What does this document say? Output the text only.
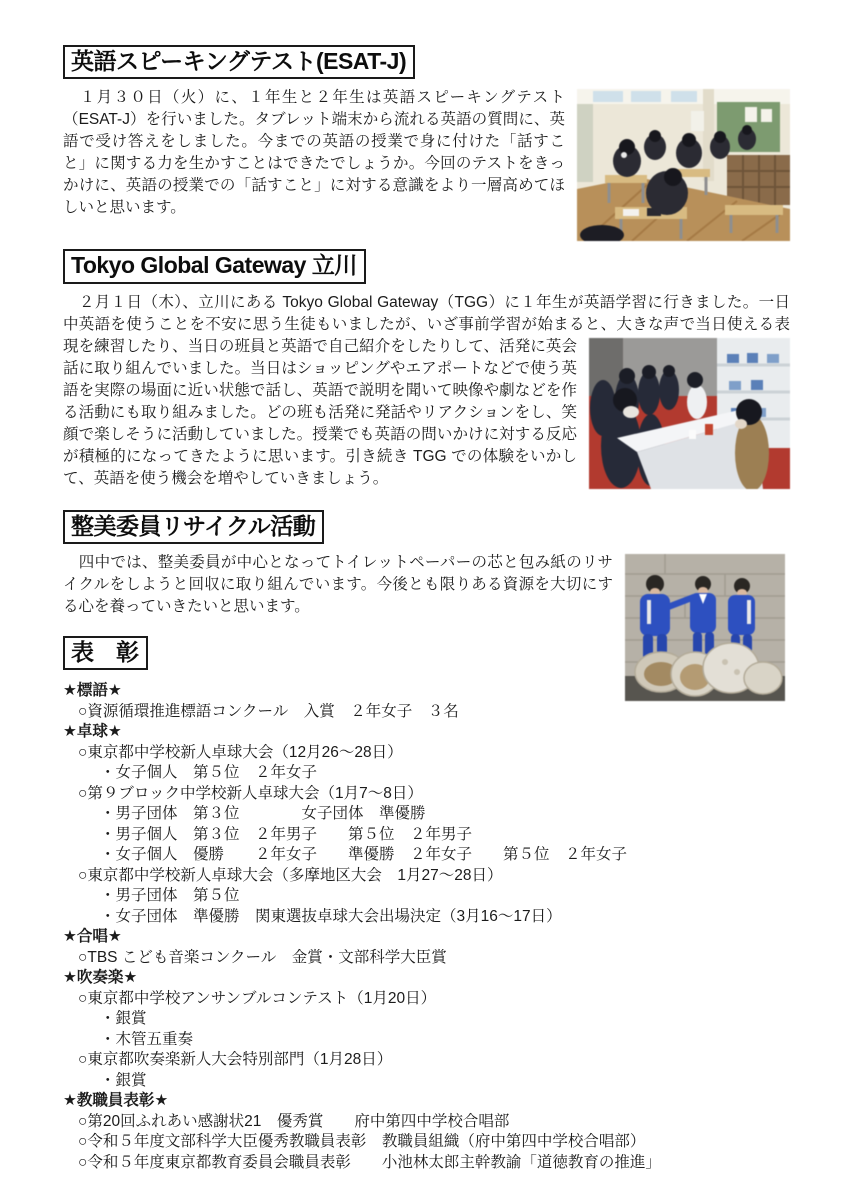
英語スピーキングテスト(ESAT-J)
　１月３０日（火）に、１年生と２年生は英語スピーキングテスト（ESAT-J）を行いました。タブレット端末から流れる英語の質問に、英語で受け答えをしました。今までの英語の授業で身に付けた「話すこと」に関する力を生かすことはできたでしょうか。今回のテストをきっかけに、英語の授業での「話すこと」に対する意識をより一層高めてほしいと思います。
Tokyo Global Gateway 立川
　２月１日（木）、立川にある Tokyo Global Gateway（TGG）に１年生が英語学習に行きました。一日中英語を使うことを不安に思う生徒もいましたが、いざ事前学習が始まると、大きな声で当日使える表現を練習したり、当日の
班員と英語で自己紹介をしたりして、活発に英会話に取り組んでいました。当日はショッピングやエアポートなどで使う英語を実際の場面に近い状態で話し、英語で説明を聞いて映像や劇などを作る活動にも取り組みました。どの班も活発に発話やリアクションをし、笑顔で楽しそうに活動していました。授業でも英語の問いかけに対する反応が積極的になってきたように思います。引き続き TGG での体験をいかして、英語を使う機会を増やしていきましょう。
整美委員リサイクル活動
　四中では、整美委員が中心となってトイレットペーパーの芯と包み紙のリサイクルをしようと回収に取り組んでいます。今後とも限りある資源を大切にする心を養っていきたいと思います。
表　彰
★標語★
○資源循環推進標語コンクール　入賞　２年女子　３名
★卓球★
○東京都中学校新人卓球大会（12月26～28日）
・女子個人　第５位　２年女子
○第９ブロック中学校新人卓球大会（1月7～8日）
・男子団体　第３位　　　　女子団体　準優勝
・男子個人　第３位　２年男子　　第５位　２年男子
・女子個人　優勝　　２年女子　　準優勝　２年女子　　第５位　２年女子
○東京都中学校新人卓球大会（多摩地区大会　1月27～28日）
・男子団体　第５位
・女子団体　準優勝　関東選抜卓球大会出場決定（3月16～17日）
★合唱★
○TBS こども音楽コンクール　金賞・文部科学大臣賞
★吹奏楽★
○東京都中学校アンサンブルコンテスト（1月20日）
・銀賞
・木管五重奏
○東京都吹奏楽新人大会特別部門（1月28日）
・銀賞
★教職員表彰★
○第20回ふれあい感謝状21　優秀賞　　府中第四中学校合唱部
○令和５年度文部科学大臣優秀教職員表彰　教職員組織（府中第四中学校合唱部）
○令和５年度東京都教育委員会職員表彰　　小池林太郎主幹教諭「道徳教育の推進」
